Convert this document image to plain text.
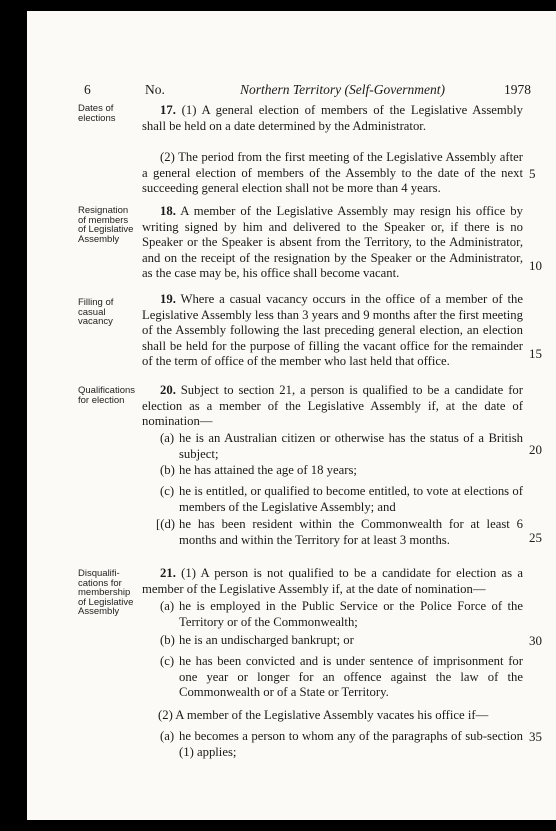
6	No.	Northern Territory (Self-Government)	1978
Dates of elections
17. (1) A general election of members of the Legislative Assembly shall be held on a date determined by the Administrator.
(2) The period from the first meeting of the Legislative Assembly after a general election of members of the Assembly to the date of the next succeeding general election shall not be more than 4 years.
5
Resignation of members of Legislative Assembly
18. A member of the Legislative Assembly may resign his office by writing signed by him and delivered to the Speaker or, if there is no Speaker or the Speaker is absent from the Territory, to the Administrator, and on the receipt of the resignation by the Speaker or the Administrator, as the case may be, his office shall become vacant.
10
Filling of casual vacancy
19. Where a casual vacancy occurs in the office of a member of the Legislative Assembly less than 3 years and 9 months after the first meeting of the Assembly following the last preceding general election, an election shall be held for the purpose of filling the vacant office for the remainder of the term of office of the member who last held that office.
15
Qualifications for election
20. Subject to section 21, a person is qualified to be a candidate for election as a member of the Legislative Assembly if, at the date of nomination—
(a) he is an Australian citizen or otherwise has the status of a British subject;	20
(b) he has attained the age of 18 years;
(c) he is entitled, or qualified to become entitled, to vote at elections of members of the Legislative Assembly; and
[(d) he has been resident within the Commonwealth for at least 6 months and within the Territory for at least 3 months.	25
Disqualifi-cations for membership of Legislative Assembly
21. (1) A person is not qualified to be a candidate for election as a member of the Legislative Assembly if, at the date of nomination—
(a) he is employed in the Public Service or the Police Force of the Territory or of the Commonwealth;
(b) he is an undischarged bankrupt; or	30
(c) he has been convicted and is under sentence of imprisonment for one year or longer for an offence against the law of the Commonwealth or of a State or Territory.
(2) A member of the Legislative Assembly vacates his office if—
(a) he becomes a person to whom any of the paragraphs of sub-section (1) applies;
35
